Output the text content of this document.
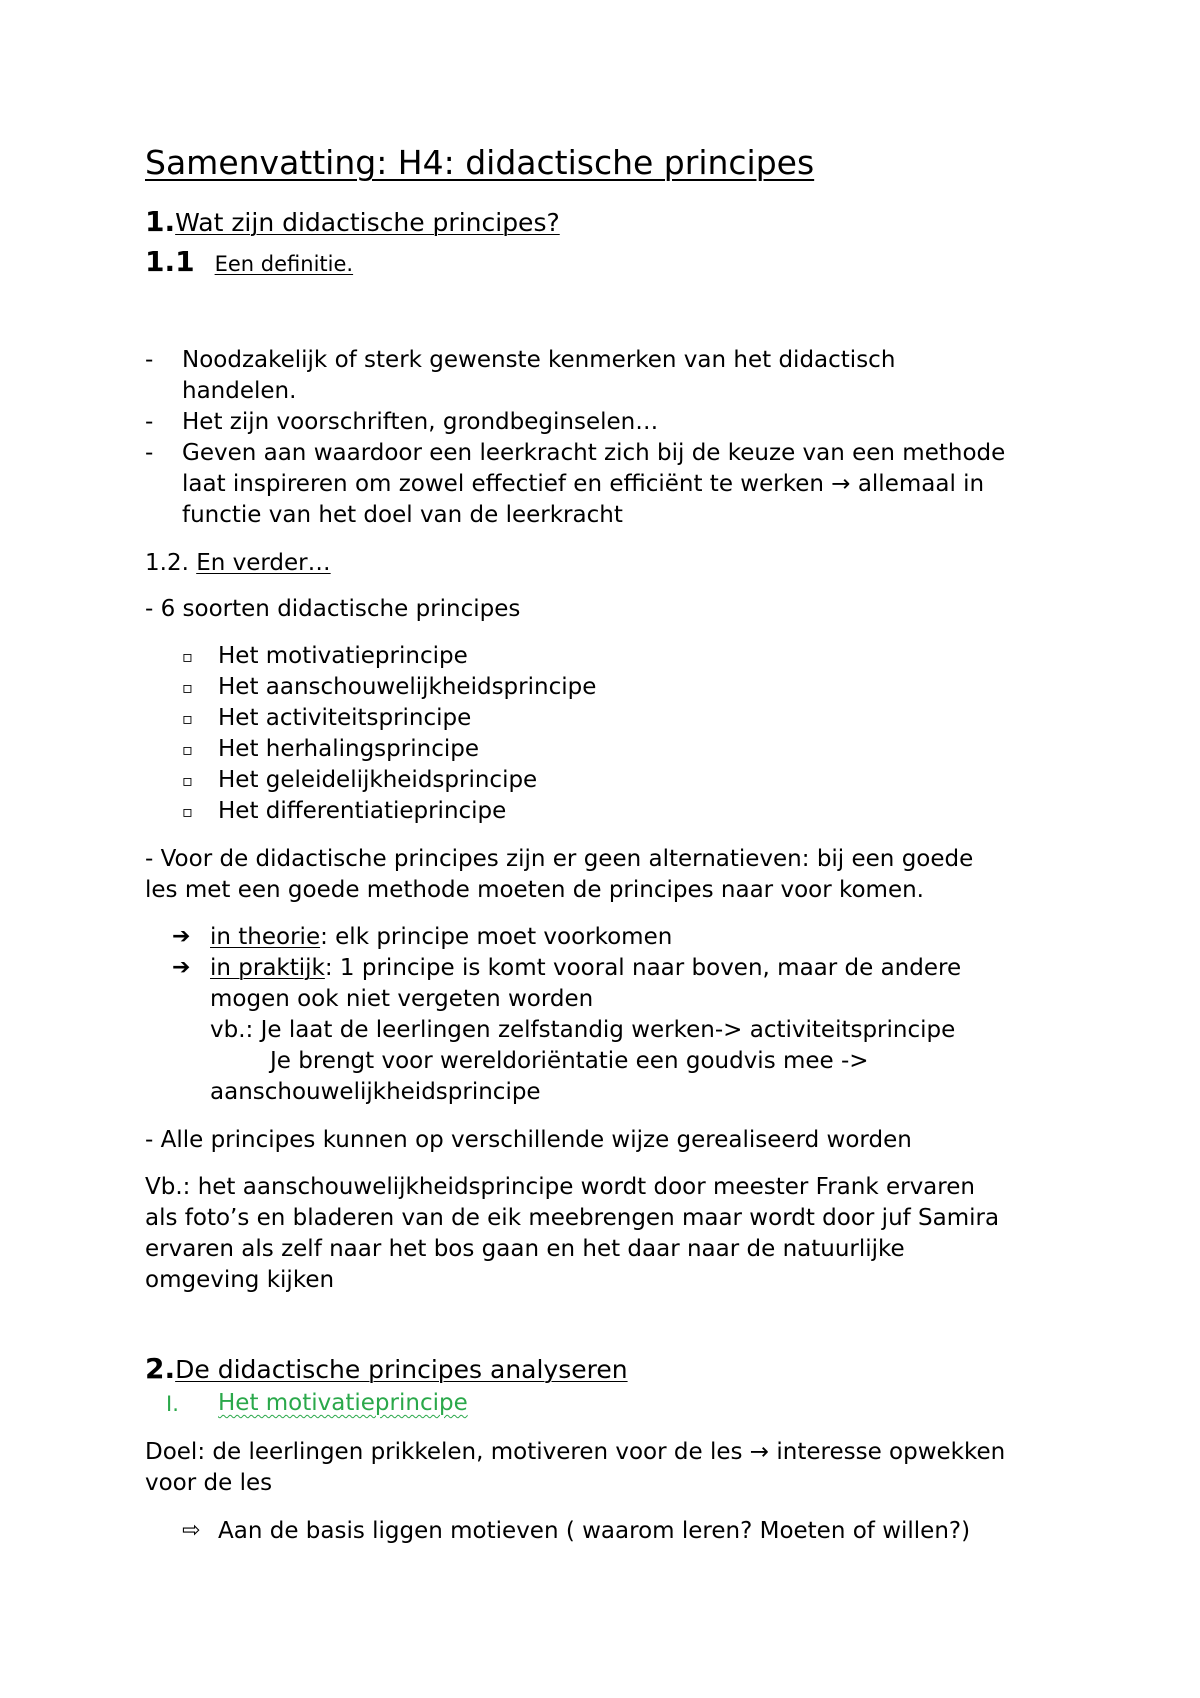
Samenvatting: H4: didactische principes
1.Wat zijn didactische principes?
1.1 Een definitie.
- Noodzakelijk of sterk gewenste kenmerken van het didactisch
handelen.
- Het zijn voorschriften, grondbeginselen…
- Geven aan waardoor een leerkracht zich bij de keuze van een methode
laat inspireren om zowel effectief en efficiënt te werken → allemaal in
functie van het doel van de leerkracht
1.2. En verder…
- 6 soorten didactische principes
▫ Het motivatieprincipe
▫ Het aanschouwelijkheidsprincipe
▫ Het activiteitsprincipe
▫ Het herhalingsprincipe
▫ Het geleidelijkheidsprincipe
▫ Het differentiatieprincipe
- Voor de didactische principes zijn er geen alternatieven: bij een goede
les met een goede methode moeten de principes naar voor komen.
➔ in theorie: elk principe moet voorkomen
➔ in praktijk: 1 principe is komt vooral naar boven, maar de andere
mogen ook niet vergeten worden
vb.: Je laat de leerlingen zelfstandig werken-> activiteitsprincipe
Je brengt voor wereldoriëntatie een goudvis mee ->
aanschouwelijkheidsprincipe
- Alle principes kunnen op verschillende wijze gerealiseerd worden
Vb.: het aanschouwelijkheidsprincipe wordt door meester Frank ervaren
als foto’s en bladeren van de eik meebrengen maar wordt door juf Samira
ervaren als zelf naar het bos gaan en het daar naar de natuurlijke
omgeving kijken
2.De didactische principes analyseren
I. Het motivatieprincipe
Doel: de leerlingen prikkelen, motiveren voor de les → interesse opwekken
voor de les
⇨ Aan de basis liggen motieven ( waarom leren? Moeten of willen?)
